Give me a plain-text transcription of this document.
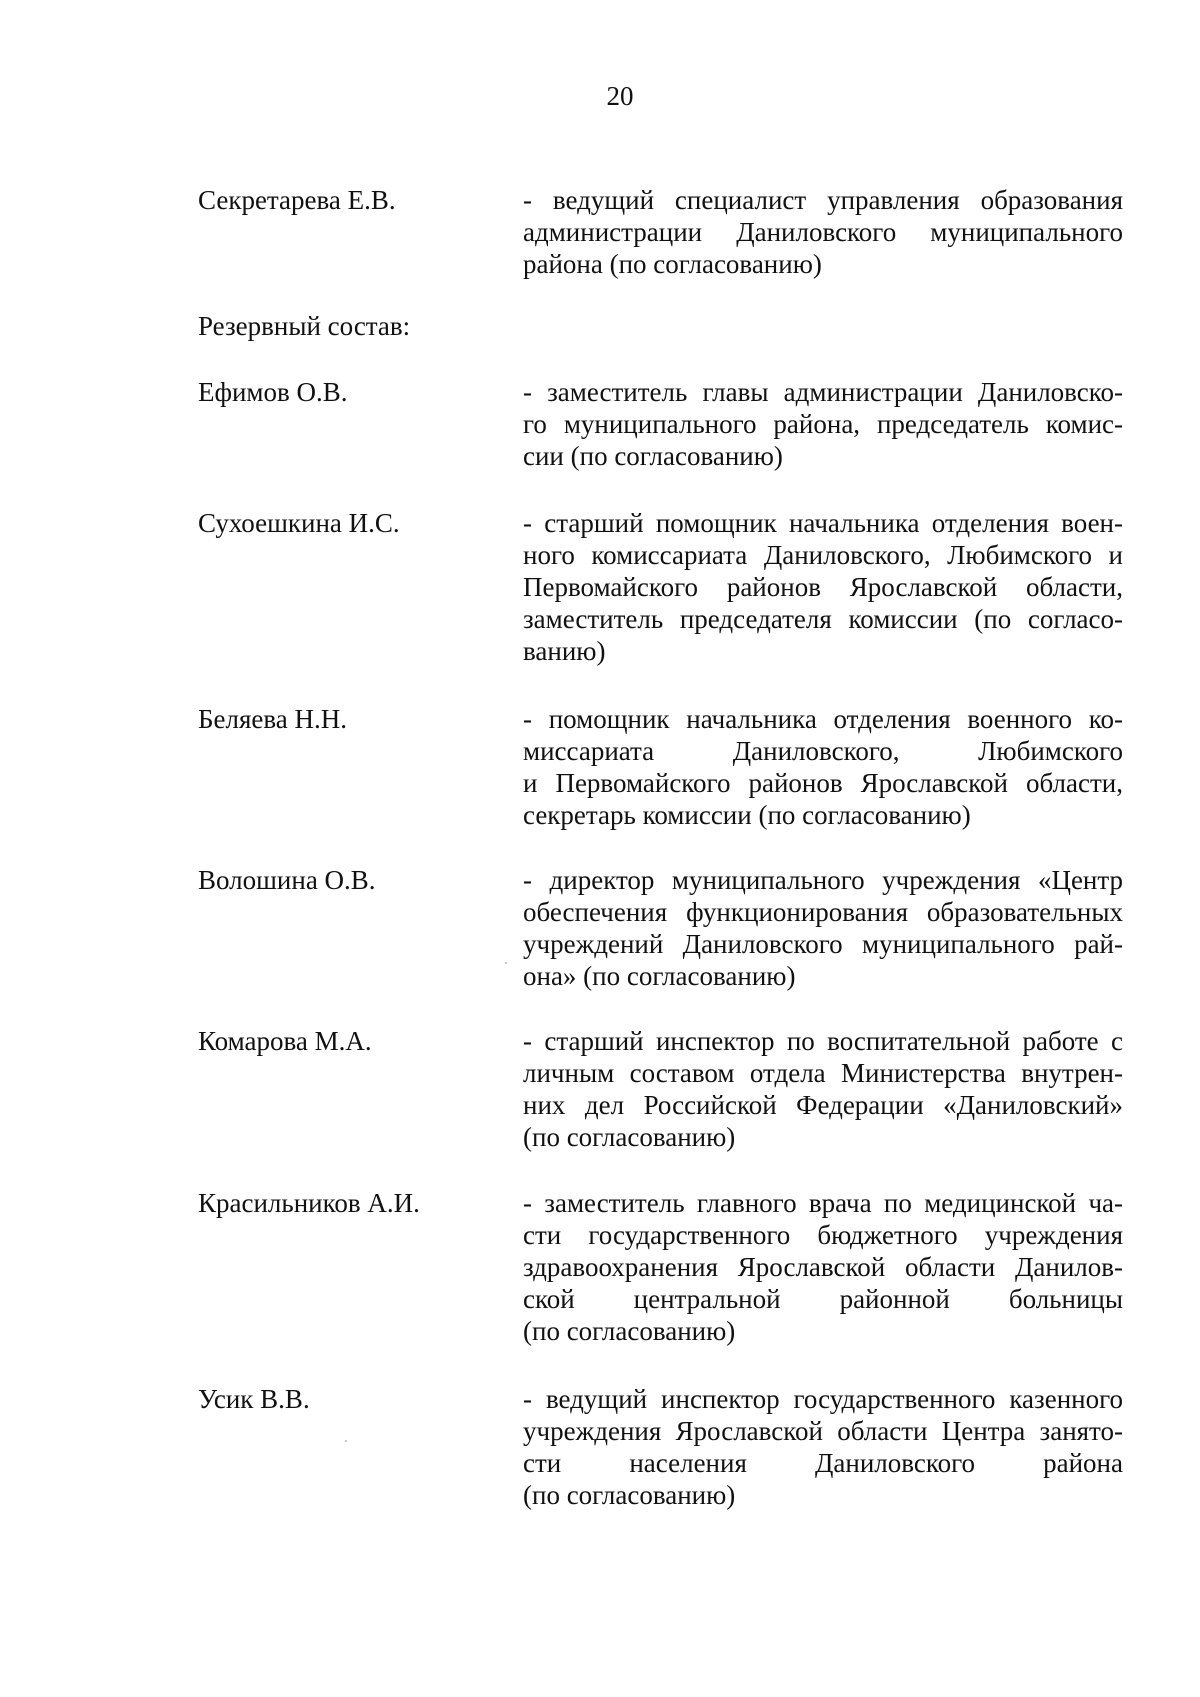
20
Секретарева Е.В.	- ведущий специалист управления образования
администрации Даниловского муниципального
района (по согласованию)
Резервный состав:
Ефимов О.В.	- заместитель главы администрации Даниловско-
го муниципального района, председатель комис-
сии (по согласованию)
Сухоешкина И.С.	- старший помощник начальника отделения воен-
ного комиссариата Даниловского, Любимского и
Первомайского районов Ярославской области,
заместитель председателя комиссии (по согласо-
ванию)
Беляева Н.Н.	- помощник начальника отделения военного ко-
миссариата Даниловского, Любимского
и Первомайского районов Ярославской области,
секретарь комиссии (по согласованию)
Волошина О.В.	- директор муниципального учреждения «Центр
обеспечения функционирования образовательных
учреждений Даниловского муниципального рай-
она» (по согласованию)
Комарова М.А.	- старший инспектор по воспитательной работе с
личным составом отдела Министерства внутрен-
них дел Российской Федерации «Даниловский»
(по согласованию)
Красильников А.И.	- заместитель главного врача по медицинской ча-
сти государственного бюджетного учреждения
здравоохранения Ярославской области Данилов-
ской центральной районной больницы
(по согласованию)
Усик В.В.	- ведущий инспектор государственного казенного
учреждения Ярославской области Центра занято-
сти населения Даниловского района
(по согласованию)
